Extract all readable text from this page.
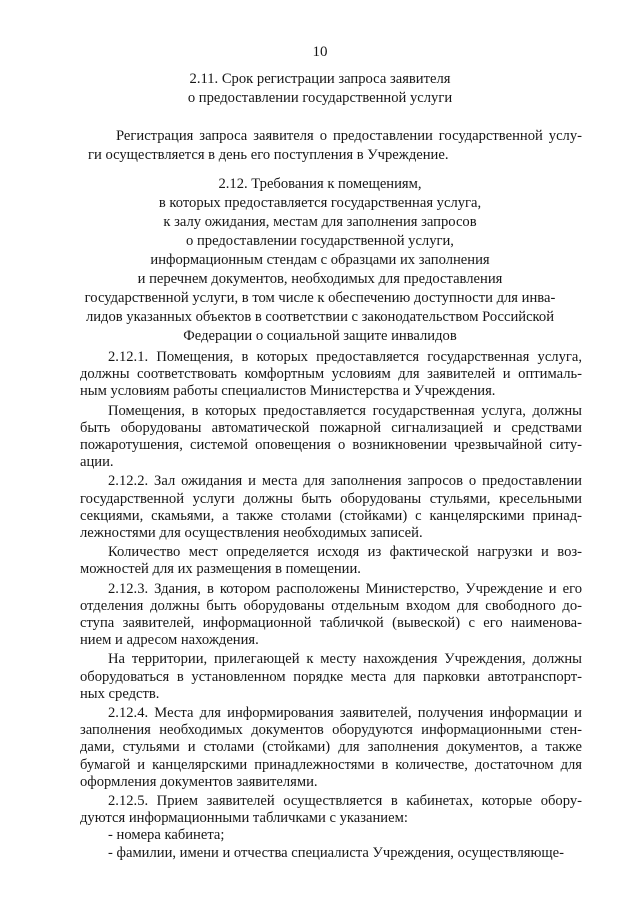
10
2.11. Срок регистрации запроса заявителя
о предоставлении государственной услуги
Регистрация запроса заявителя о предоставлении государственной услу-
ги осуществляется в день его поступления в Учреждение.
2.12. Требования к помещениям,
в которых предоставляется государственная услуга,
к залу ожидания, местам для заполнения запросов
о предоставлении государственной услуги,
информационным стендам с образцами их заполнения
и перечнем документов, необходимых для предоставления
государственной услуги, в том числе к обеспечению доступности для инва-
лидов указанных объектов в соответствии с законодательством Российской
Федерации о социальной защите инвалидов
2.12.1. Помещения, в которых предоставляется государственная услуга,
должны соответствовать комфортным условиям для заявителей и оптималь-
ным условиям работы специалистов Министерства и Учреждения.
Помещения, в которых предоставляется государственная услуга, должны
быть оборудованы автоматической пожарной сигнализацией и средствами
пожаротушения, системой оповещения о возникновении чрезвычайной ситу-
ации.
2.12.2. Зал ожидания и места для заполнения запросов о предоставлении
государственной услуги должны быть оборудованы стульями, кресельными
секциями, скамьями, а также столами (стойками) с канцелярскими принад-
лежностями для осуществления необходимых записей.
Количество мест определяется исходя из фактической нагрузки и воз-
можностей для их размещения в помещении.
2.12.3. Здания, в котором расположены Министерство, Учреждение и его
отделения должны быть оборудованы отдельным входом для свободного до-
ступа заявителей, информационной табличкой (вывеской) с его наименова-
нием и адресом нахождения.
На территории, прилегающей к месту нахождения Учреждения, должны
оборудоваться в установленном порядке места для парковки автотранспорт-
ных средств.
2.12.4. Места для информирования заявителей, получения информации и
заполнения необходимых документов оборудуются информационными стен-
дами, стульями и столами (стойками) для заполнения документов, а также
бумагой и канцелярскими принадлежностями в количестве, достаточном для
оформления документов заявителями.
2.12.5. Прием заявителей осуществляется в кабинетах, которые обору-
дуются информационными табличками с указанием:
- номера кабинета;
- фамилии, имени и отчества специалиста Учреждения, осуществляюще-
